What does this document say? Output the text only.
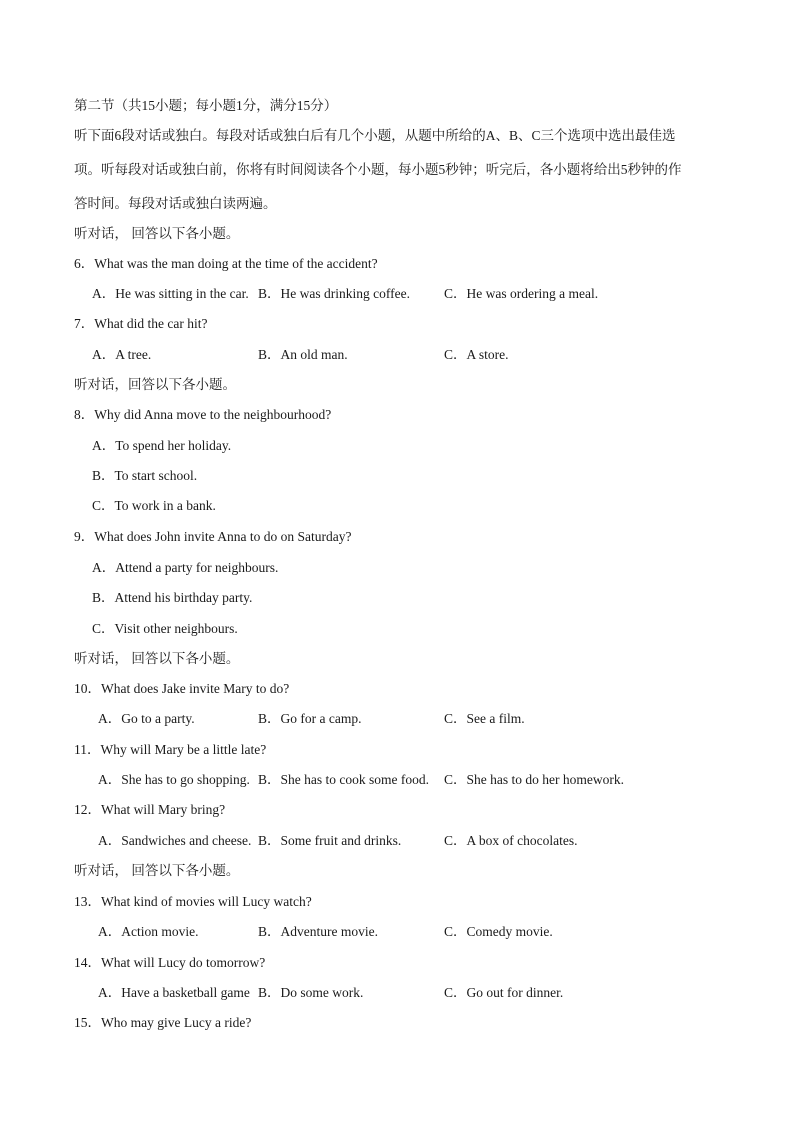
第二节（共15小题；每小题1分，满分15分）
听下面6段对话或独白。每段对话或独白后有几个小题，从题中所给的A、B、C三个选项中选出最佳选
项。听每段对话或独白前，你将有时间阅读各个小题，每小题5秒钟；听完后，各小题将给出5秒钟的作
答时间。每段对话或独白读两遍。
听对话， 回答以下各小题。
6．What was the man doing at the time of the accident?
A．He was sitting in the car. B．He was drinking coffee.	C．He was ordering a meal.
7．What did the car hit?
A．A tree.	B．An old man.	C．A store.
听对话，回答以下各小题。
8．Why did Anna move to the neighbourhood?
A．To spend her holiday.
B．To start school.
C．To work in a bank.
9．What does John invite Anna to do on Saturday?
A．Attend a party for neighbours.
B．Attend his birthday party.
C．Visit other neighbours.
听对话， 回答以下各小题。
10．What does Jake invite Mary to do?
A．Go to a party.	B．Go for a camp.	C．See a film.
11．Why will Mary be a little late?
A．She has to go shopping. B．She has to cook some food. C．She has to do her homework.
12．What will Mary bring?
A．Sandwiches and cheese. B．Some fruit and drinks.	C．A box of chocolates.
听对话， 回答以下各小题。
13．What kind of movies will Lucy watch?
A．Action movie.	B．Adventure movie.	C．Comedy movie.
14．What will Lucy do tomorrow?
A．Have a basketball game B．Do some work.	C．Go out for dinner.
15．Who may give Lucy a ride?
